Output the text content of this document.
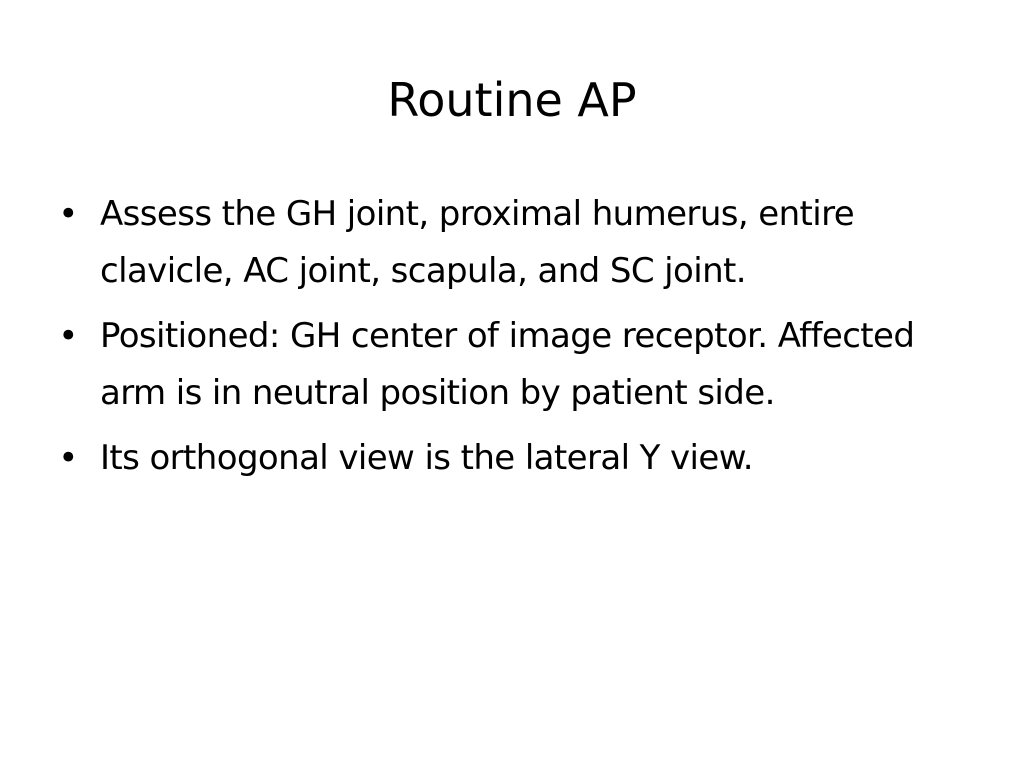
Routine AP
• Assess the GH joint, proximal humerus, entire clavicle, AC joint, scapula, and SC joint.
• Positioned: GH center of image receptor. Affected arm is in neutral position by patient side.
• Its orthogonal view is the lateral Y view.
